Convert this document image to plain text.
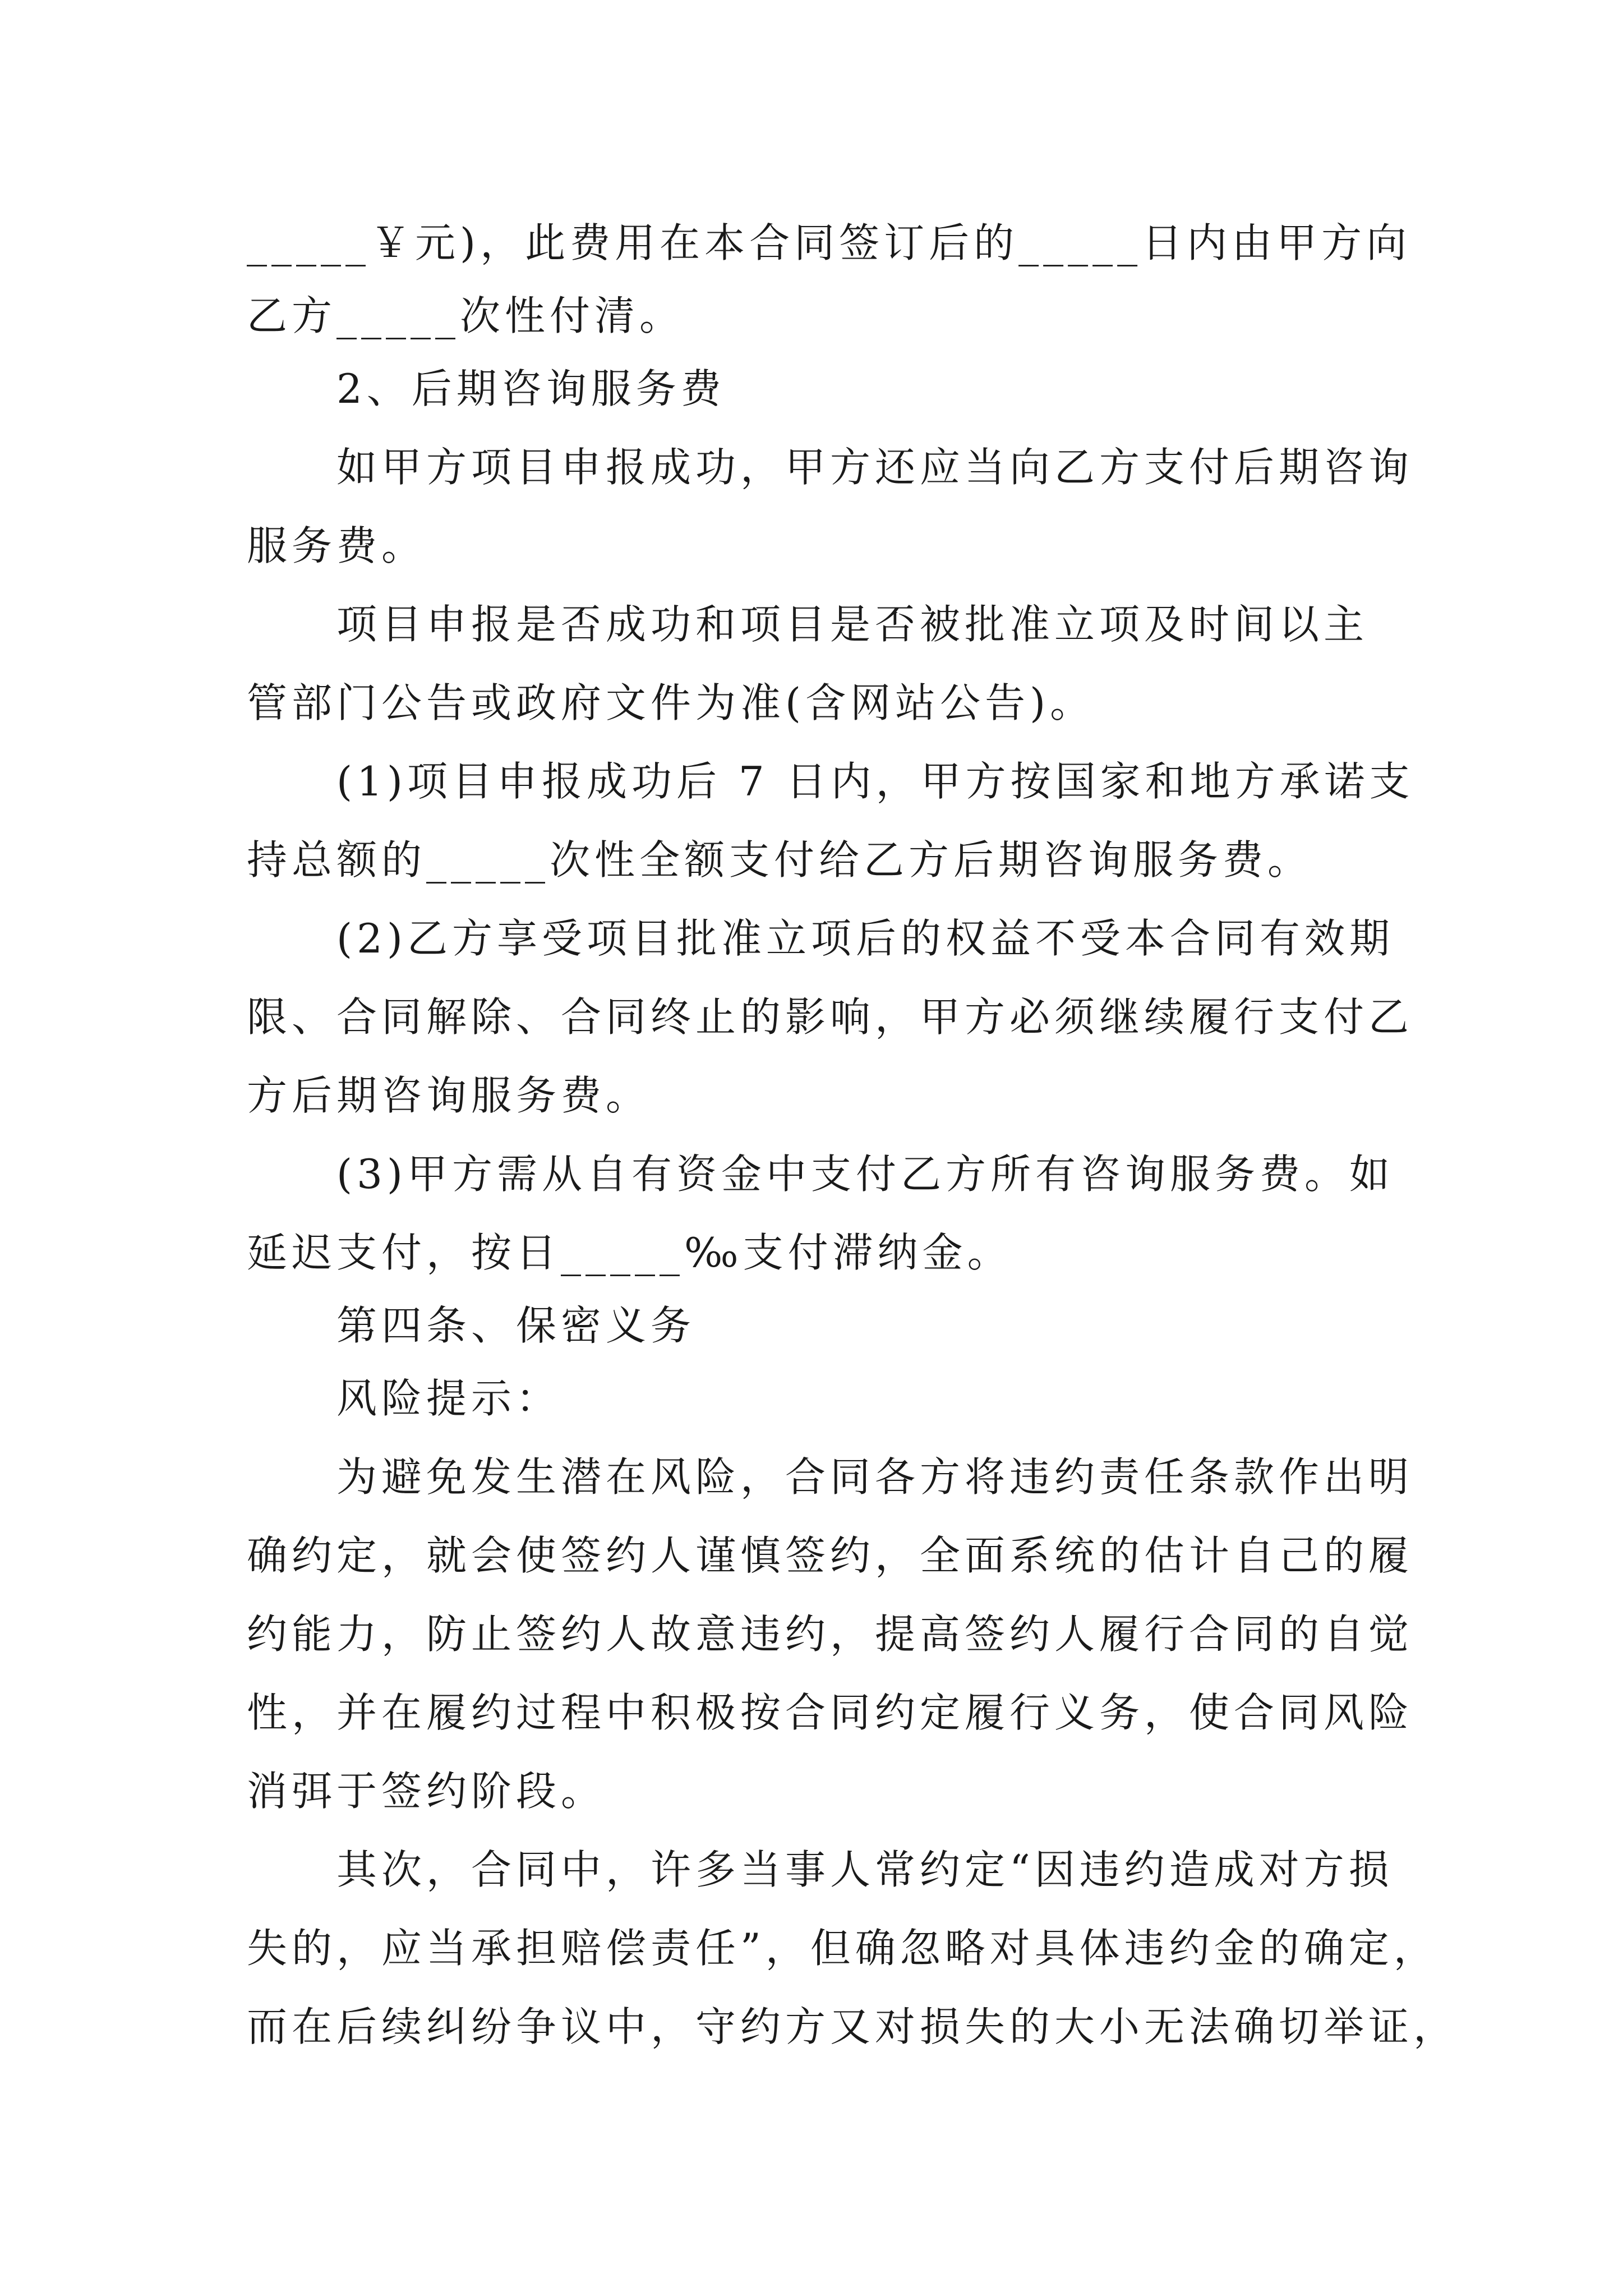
_____￥元)，此费用在本合同签订后的_____日内由甲方向
乙方_____次性付清。
2、后期咨询服务费
如甲方项目申报成功，甲方还应当向乙方支付后期咨询
服务费。
项目申报是否成功和项目是否被批准立项及时间以主
管部门公告或政府文件为准(含网站公告)。
(1)项目申报成功后 7 日内，甲方按国家和地方承诺支
持总额的_____次性全额支付给乙方后期咨询服务费。
(2)乙方享受项目批准立项后的权益不受本合同有效期
限、合同解除、合同终止的影响，甲方必须继续履行支付乙
方后期咨询服务费。
(3)甲方需从自有资金中支付乙方所有咨询服务费。如
延迟支付，按日_____‰支付滞纳金。
第四条、保密义务
风险提示：
为避免发生潜在风险，合同各方将违约责任条款作出明
确约定，就会使签约人谨慎签约，全面系统的估计自己的履
约能力，防止签约人故意违约，提高签约人履行合同的自觉
性，并在履约过程中积极按合同约定履行义务，使合同风险
消弭于签约阶段。
其次，合同中，许多当事人常约定“因违约造成对方损
失的，应当承担赔偿责任”，但确忽略对具体违约金的确定，
而在后续纠纷争议中，守约方又对损失的大小无法确切举证，
